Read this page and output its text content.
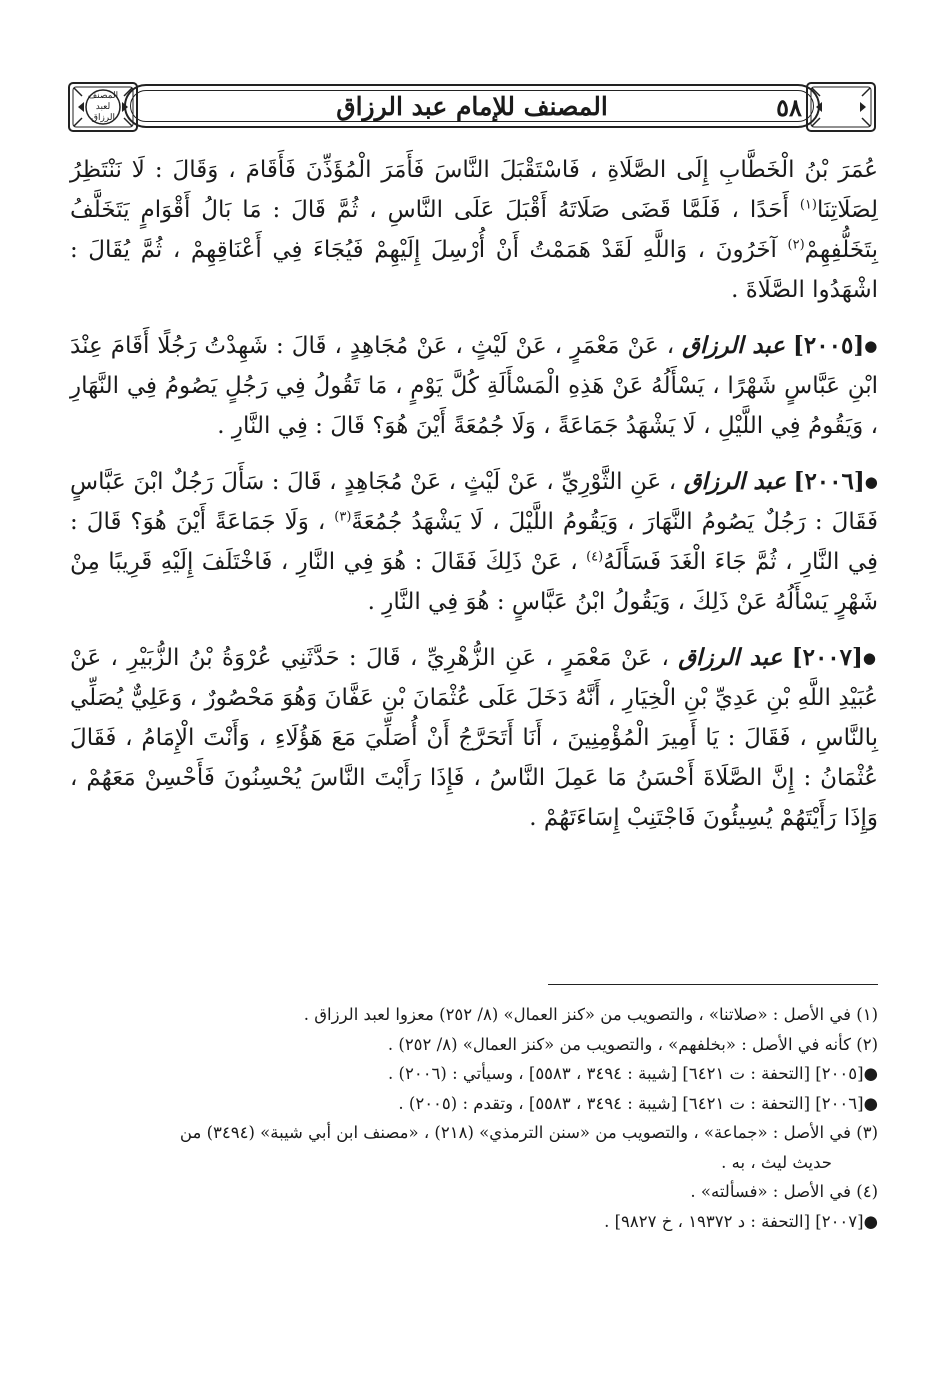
المصنف
لعبد الرزاق	المصنف للإمام عبد الرزاق	٥٨

عُمَرَ بْنُ الْخَطَّابِ إِلَى الصَّلَاةِ ، فَاسْتَقْبَلَ النَّاسَ فَأَمَرَ الْمُؤَذِّنَ فَأَقَامَ ، وَقَالَ : لَا نَنْتَظِرُ لِصَلَاتِنَا$^{(١)}$ أَحَدًا ، فَلَمَّا قَضَى صَلَاتَهُ أَقْبَلَ عَلَى النَّاسِ ، ثُمَّ قَالَ : مَا بَالُ أَقْوَامٍ يَتَخَلَّفُ بِتَخَلُّفِهِمْ$^{(٢)}$ آخَرُونَ ، وَاللَّهِ لَقَدْ هَمَمْتُ أَنْ أُرْسِلَ إِلَيْهِمْ فَيُجَاءَ فِي أَعْنَاقِهِمْ ، ثُمَّ يُقَالَ : اشْهَدُوا الصَّلَاةَ .

●[٢٠٠٥] عبد الرزاق ، عَنْ مَعْمَرٍ ، عَنْ لَيْثٍ ، عَنْ مُجَاهِدٍ ، قَالَ : شَهِدْتُ رَجُلًا أَقَامَ عِنْدَ ابْنِ عَبَّاسٍ شَهْرًا ، يَسْأَلُهُ عَنْ هَذِهِ الْمَسْأَلَةِ كُلَّ يَوْمٍ ، مَا تَقُولُ فِي رَجُلٍ يَصُومُ فِي النَّهَارِ ، وَيَقُومُ فِي اللَّيْلِ ، لَا يَشْهَدُ جَمَاعَةً ، وَلَا جُمُعَةً أَيْنَ هُوَ؟ قَالَ : فِي النَّارِ .

●[٢٠٠٦] عبد الرزاق ، عَنِ الثَّوْرِيِّ ، عَنْ لَيْثٍ ، عَنْ مُجَاهِدٍ ، قَالَ : سَأَلَ رَجُلٌ ابْنَ عَبَّاسٍ فَقَالَ : رَجُلٌ يَصُومُ النَّهَارَ ، وَيَقُومُ اللَّيْلَ ، لَا يَشْهَدُ جُمُعَةً$^{(٣)}$ ، وَلَا جَمَاعَةً أَيْنَ هُوَ؟ قَالَ : فِي النَّارِ ، ثُمَّ جَاءَ الْغَدَ فَسَأَلَهُ$^{(٤)}$ ، عَنْ ذَلِكَ فَقَالَ : هُوَ فِي النَّارِ ، فَاخْتَلَفَ إِلَيْهِ قَرِيبًا مِنْ شَهْرٍ يَسْأَلُهُ عَنْ ذَلِكَ ، وَيَقُولُ ابْنُ عَبَّاسٍ : هُوَ فِي النَّارِ .

●[٢٠٠٧] عبد الرزاق ، عَنْ مَعْمَرٍ ، عَنِ الزُّهْرِيِّ ، قَالَ : حَدَّثَنِي عُرْوَةُ بْنُ الزُّبَيْرِ ، عَنْ عُبَيْدِ اللَّهِ بْنِ عَدِيِّ بْنِ الْخِيَارِ ، أَنَّهُ دَخَلَ عَلَى عُثْمَانَ بْنِ عَفَّانَ وَهُوَ مَحْصُورٌ ، وَعَلِيٌّ يُصَلِّي بِالنَّاسِ ، فَقَالَ : يَا أَمِيرَ الْمُؤْمِنِينَ ، أَنَا أَتَحَرَّجُ أَنْ أُصَلِّيَ مَعَ هَؤُلَاءِ ، وَأَنْتَ الْإِمَامُ ، فَقَالَ عُثْمَانُ : إِنَّ الصَّلَاةَ أَحْسَنُ مَا عَمِلَ النَّاسُ ، فَإِذَا رَأَيْتَ النَّاسَ يُحْسِنُونَ فَأَحْسِنْ مَعَهُمْ ، وَإِذَا رَأَيْتَهُمْ يُسِيئُونَ فَاجْتَنِبْ إِسَاءَتَهُمْ .

(١) في الأصل : «صلاتنا» ، والتصويب من «كنز العمال» (٨/ ٢٥٢) معزوا لعبد الرزاق .

(٢) كأنه في الأصل : «بخلفهم» ، والتصويب من «كنز العمال» (٨/ ٢٥٢) .

●[٢٠٠٥] [التحفة : ت ٦٤٢١] [شيبة : ٣٤٩٤ ، ٥٥٨٣] ، وسيأتي : (٢٠٠٦) .

●[٢٠٠٦] [التحفة : ت ٦٤٢١] [شيبة : ٣٤٩٤ ، ٥٥٨٣] ، وتقدم : (٢٠٠٥) .

(٣) في الأصل : «جماعة» ، والتصويب من «سنن الترمذي» (٢١٨) ، «مصنف ابن أبي شيبة» (٣٤٩٤) من

حديث ليث ، به .

(٤) في الأصل : «فسألته» .

●[٢٠٠٧] [التحفة : د ١٩٣٧٢ ، خ ٩٨٢٧] .
